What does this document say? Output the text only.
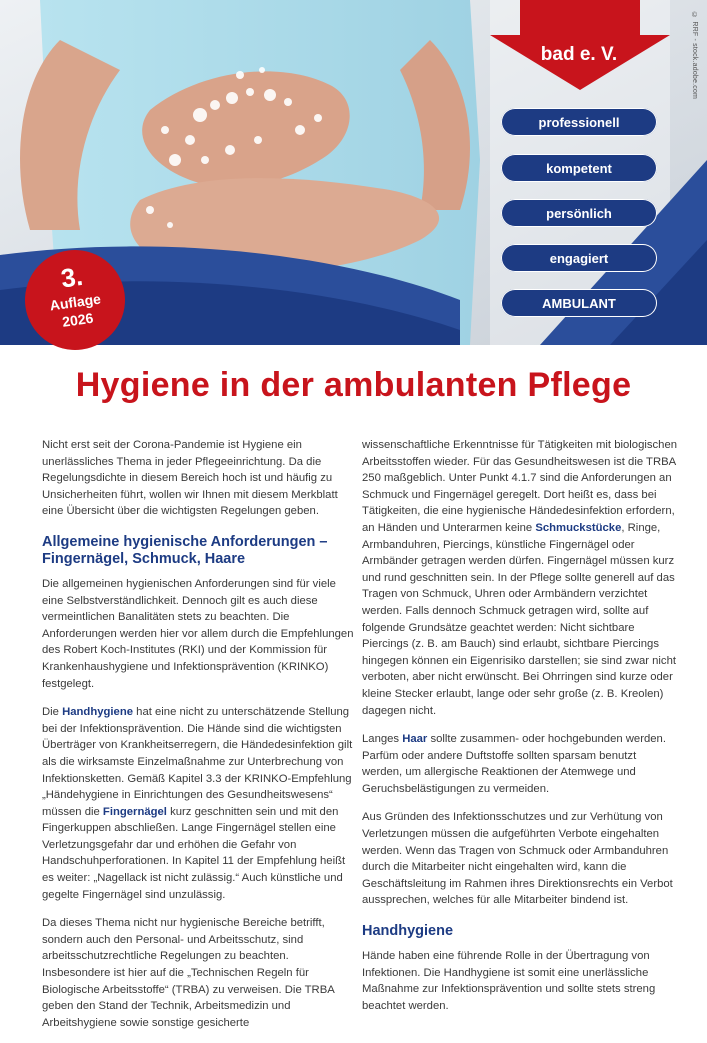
© RRF - stock.adobe.com
bad e. V.
professionell
kompetent
persönlich
engagiert
AMBULANT
3.
Auflage
2026
Hygiene in der ambulanten Pflege

Nicht erst seit der Corona-Pandemie ist Hygiene ein unerlässliches Thema in jeder Pflegeeinrichtung. Da die Regelungsdichte in diesem Bereich hoch ist und häufig zu Unsicherheiten führt, wollen wir Ihnen mit diesem Merkblatt eine Übersicht über die wichtigsten Regelungen geben.

Allgemeine hygienische Anforderungen – Fingernägel, Schmuck, Haare

Die allgemeinen hygienischen Anforderungen sind für viele eine Selbstverständlichkeit. Dennoch gilt es auch diese vermeintlichen Banalitäten stets zu beachten. Die Anforderungen werden hier vor allem durch die Empfehlungen des Robert Koch-Institutes (RKI) und der Kommission für Krankenhaushygiene und Infektionsprävention (KRINKO) festgelegt.

Die Handhygiene hat eine nicht zu unterschätzende Stellung bei der Infektionsprävention. Die Hände sind die wichtigsten Überträger von Krankheitserregern, die Händedesinfektion gilt als die wirksamste Einzelmaßnahme zur Unterbrechung von Infektionsketten. Gemäß Kapitel 3.3 der KRINKO-Empfehlung „Händehygiene in Einrichtungen des Gesundheitswesens“ müssen die Fingernägel kurz geschnitten sein und mit den Fingerkuppen abschließen. Lange Fingernägel stellen eine Verletzungsgefahr dar und erhöhen die Gefahr von Handschuhperforationen. In Kapitel 11 der Empfehlung heißt es weiter: „Nagellack ist nicht zulässig.“ Auch künstliche und gegelte Fingernägel sind unzulässig.

Da dieses Thema nicht nur hygienische Bereiche betrifft, sondern auch den Personal- und Arbeitsschutz, sind arbeitsschutzrechtliche Regelungen zu beachten. Insbesondere ist hier auf die „Technischen Regeln für Biologische Arbeitsstoffe“ (TRBA) zu verweisen. Die TRBA geben den Stand der Technik, Arbeitsmedizin und Arbeitshygiene sowie sonstige gesicherte

wissenschaftliche Erkenntnisse für Tätigkeiten mit biologischen Arbeitsstoffen wieder. Für das Gesundheitswesen ist die TRBA 250 maßgeblich. Unter Punkt 4.1.7 sind die Anforderungen an Schmuck und Fingernägel geregelt. Dort heißt es, dass bei Tätigkeiten, die eine hygienische Händedesinfektion erfordern, an Händen und Unterarmen keine Schmuckstücke, Ringe, Armbanduhren, Piercings, künstliche Fingernägel oder Armbänder getragen werden dürfen. Fingernägel müssen kurz und rund geschnitten sein. In der Pflege sollte generell auf das Tragen von Schmuck, Uhren oder Armbändern verzichtet werden. Falls dennoch Schmuck getragen wird, sollte auf folgende Grundsätze geachtet werden: Nicht sichtbare Piercings (z. B. am Bauch) sind erlaubt, sichtbare Piercings hingegen können ein Eigenrisiko darstellen; sie sind zwar nicht verboten, aber nicht erwünscht. Bei Ohrringen sind kurze oder kleine Stecker erlaubt, lange oder sehr große (z. B. Kreolen) dagegen nicht.

Langes Haar sollte zusammen- oder hochgebunden werden. Parfüm oder andere Duftstoffe sollten sparsam benutzt werden, um allergische Reaktionen der Atemwege und Geruchsbelästigungen zu vermeiden.

Aus Gründen des Infektionsschutzes und zur Verhütung von Verletzungen müssen die aufgeführten Verbote eingehalten werden. Wenn das Tragen von Schmuck oder Armbanduhren durch die Mitarbeiter nicht eingehalten wird, kann die Geschäftsleitung im Rahmen ihres Direktionsrechts ein Verbot aussprechen, welches für alle Mitarbeiter bindend ist.

Handhygiene

Hände haben eine führende Rolle in der Übertragung von Infektionen. Die Handhygiene ist somit eine unerlässliche Maßnahme zur Infektionsprävention und sollte stets streng beachtet werden.
